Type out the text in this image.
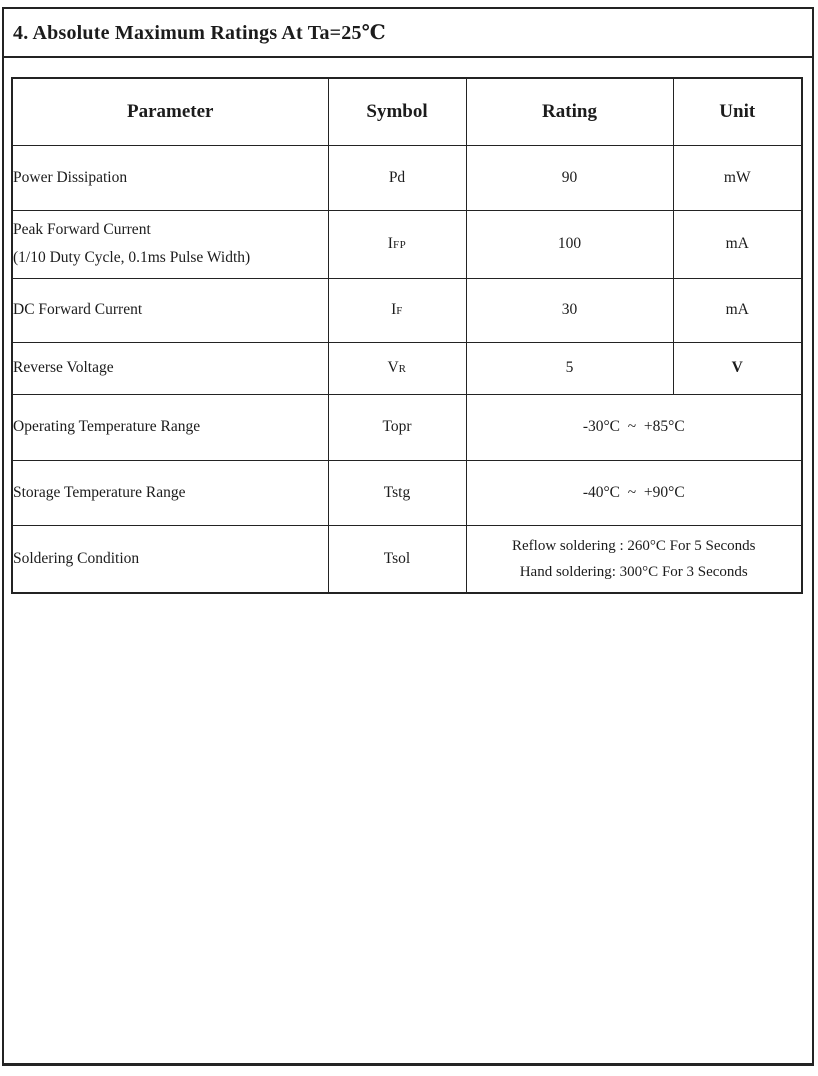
4. Absolute Maximum Ratings At Ta=25℃
Parameter	Symbol	Rating	Unit
Power Dissipation	Pd	90	mW

Peak Forward Current
(1/10 Duty Cycle, 0.1ms Pulse Width)	IFP	100	mA
DC Forward Current	IF	30	mA
Reverse Voltage	VR	5	V
Operating Temperature Range	Topr	-30°C  ~  +85°C	
Storage Temperature Range	Tstg	-40°C  ~  +90°C	
Soldering Condition	Tsol	Reflow soldering : 260°C For 5 Seconds
Hand soldering: 300°C For 3 Seconds	
